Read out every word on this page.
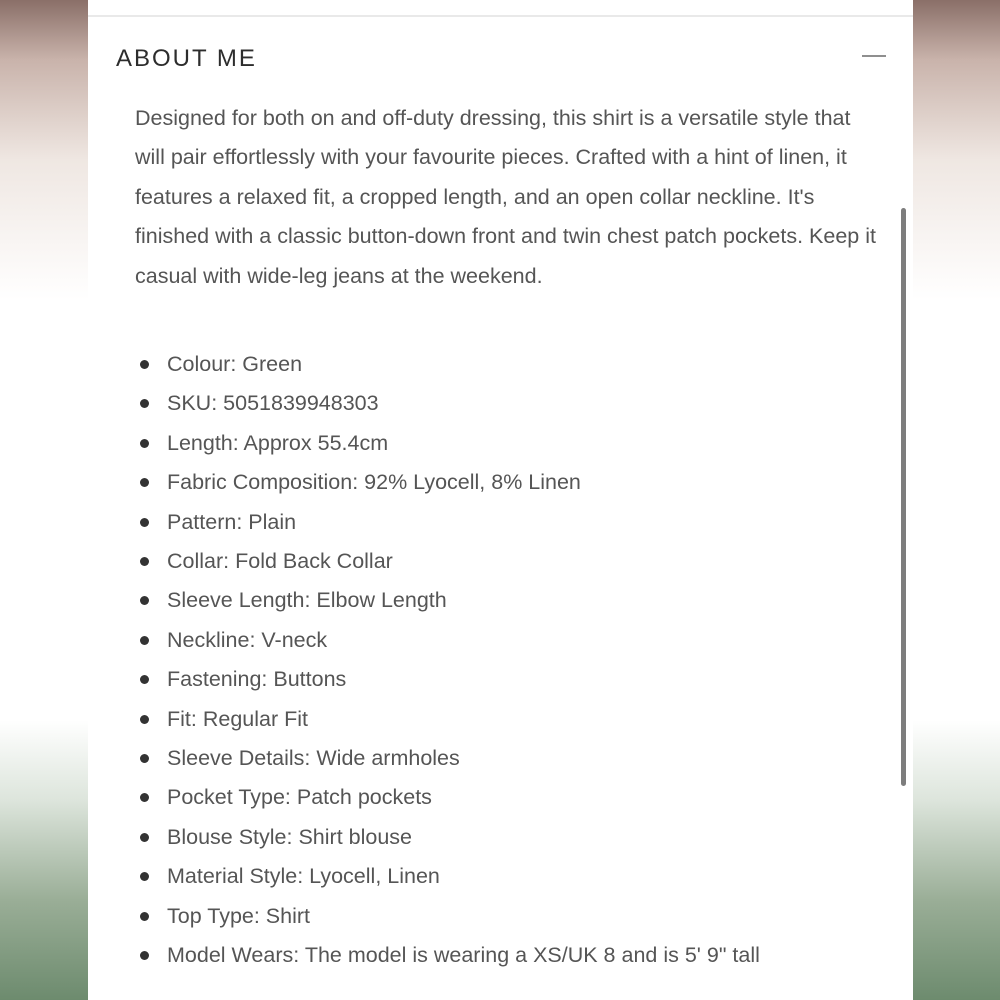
ABOUT ME

Designed for both on and off-duty dressing, this shirt is a versatile style that will pair effortlessly with your favourite pieces. Crafted with a hint of linen, it features a relaxed fit, a cropped length, and an open collar neckline. It's finished with a classic button-down front and twin chest patch pockets. Keep it casual with wide-leg jeans at the weekend.

Colour: Green
SKU: 5051839948303
Length: Approx 55.4cm
Fabric Composition: 92% Lyocell, 8% Linen
Pattern: Plain
Collar: Fold Back Collar
Sleeve Length: Elbow Length
Neckline: V-neck
Fastening: Buttons
Fit: Regular Fit
Sleeve Details: Wide armholes
Pocket Type: Patch pockets
Blouse Style: Shirt blouse
Material Style: Lyocell, Linen
Top Type: Shirt
Model Wears: The model is wearing a XS/UK 8 and is 5' 9" tall
